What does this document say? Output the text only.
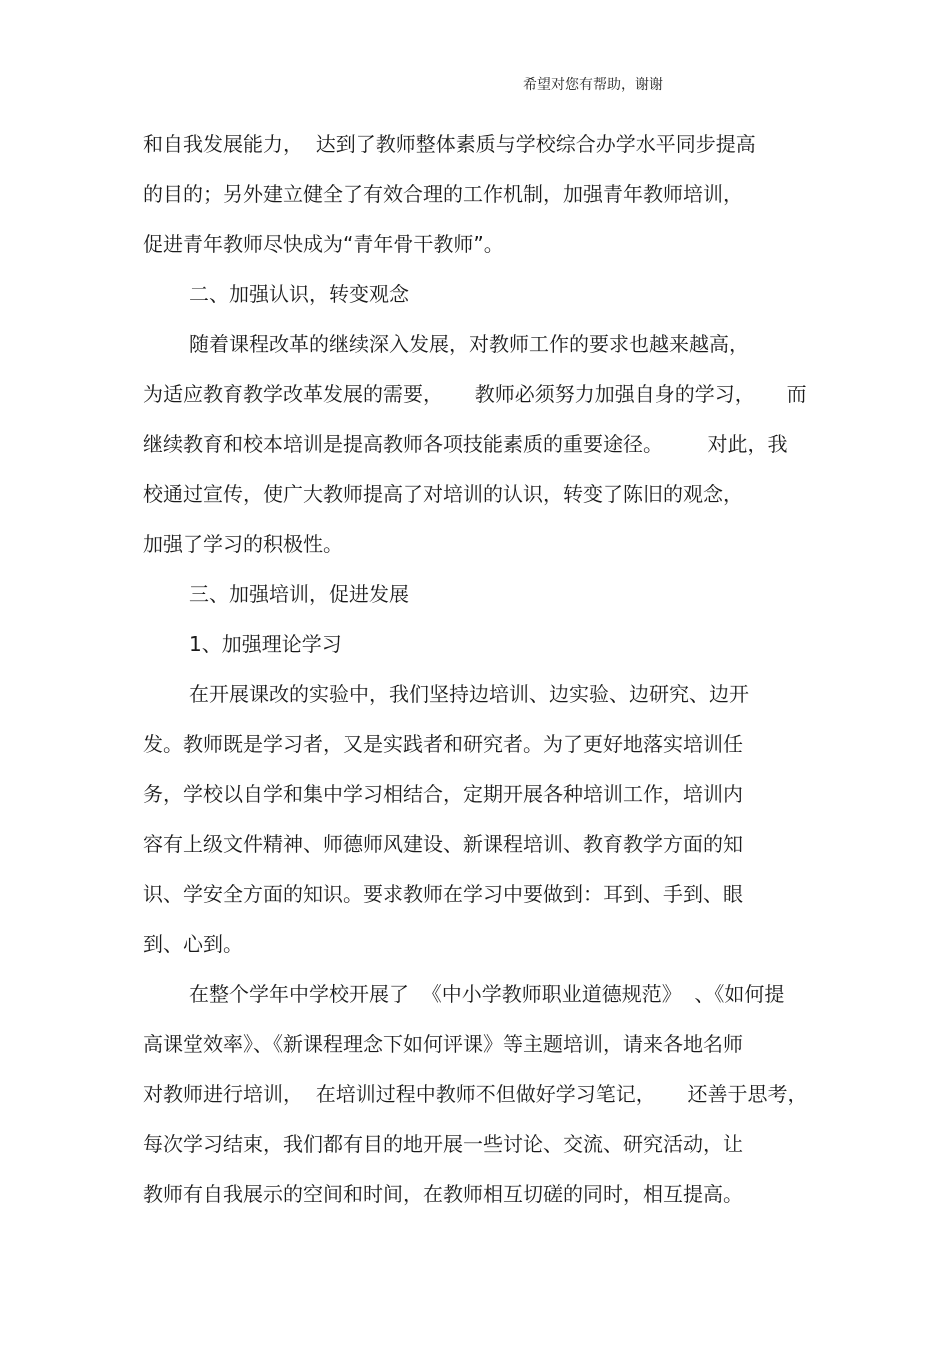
希望对您有帮助，谢谢
和自我发展能力，  达到了教师整体素质与学校综合办学水平同步提高
的目的；另外建立健全了有效合理的工作机制，加强青年教师培训，
促进青年教师尽快成为“青年骨干教师”。
二、加强认识，转变观念
随着课程改革的继续深入发展，对教师工作的要求也越来越高，
为适应教育教学改革发展的需要，     教师必须努力加强自身的学习，     而
继续教育和校本培训是提高教师各项技能素质的重要途径。       对此，我
校通过宣传，使广大教师提高了对培训的认识，转变了陈旧的观念，
加强了学习的积极性。
三、加强培训，促进发展
1、加强理论学习
在开展课改的实验中，我们坚持边培训、边实验、边研究、边开
发。教师既是学习者，又是实践者和研究者。为了更好地落实培训任
务，学校以自学和集中学习相结合，定期开展各种培训工作，培训内
容有上级文件精神、师德师风建设、新课程培训、教育教学方面的知
识、学安全方面的知识。要求教师在学习中要做到：耳到、手到、眼
到、心到。
在整个学年中学校开展了  《中小学教师职业道德规范》  、《如何提
高课堂效率》、《新课程理念下如何评课》等主题培训，请来各地名师
对教师进行培训，  在培训过程中教师不但做好学习笔记，     还善于思考，
每次学习结束，我们都有目的地开展一些讨论、交流、研究活动，让
教师有自我展示的空间和时间，在教师相互切磋的同时，相互提高。
